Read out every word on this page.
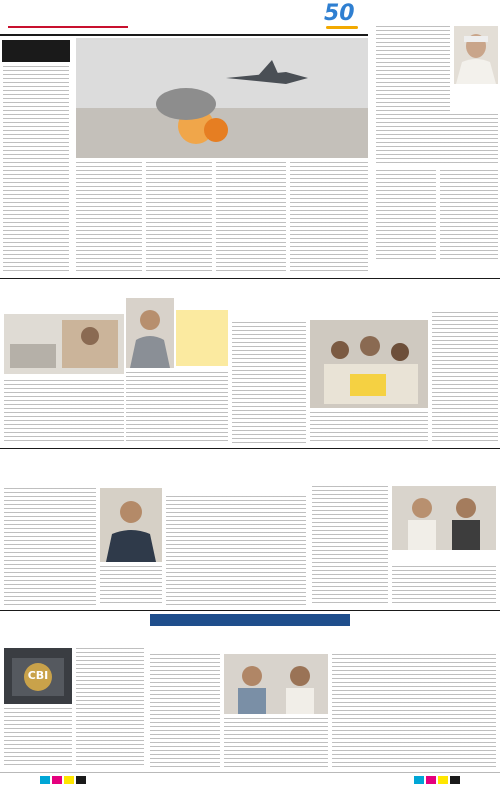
50
CBI
